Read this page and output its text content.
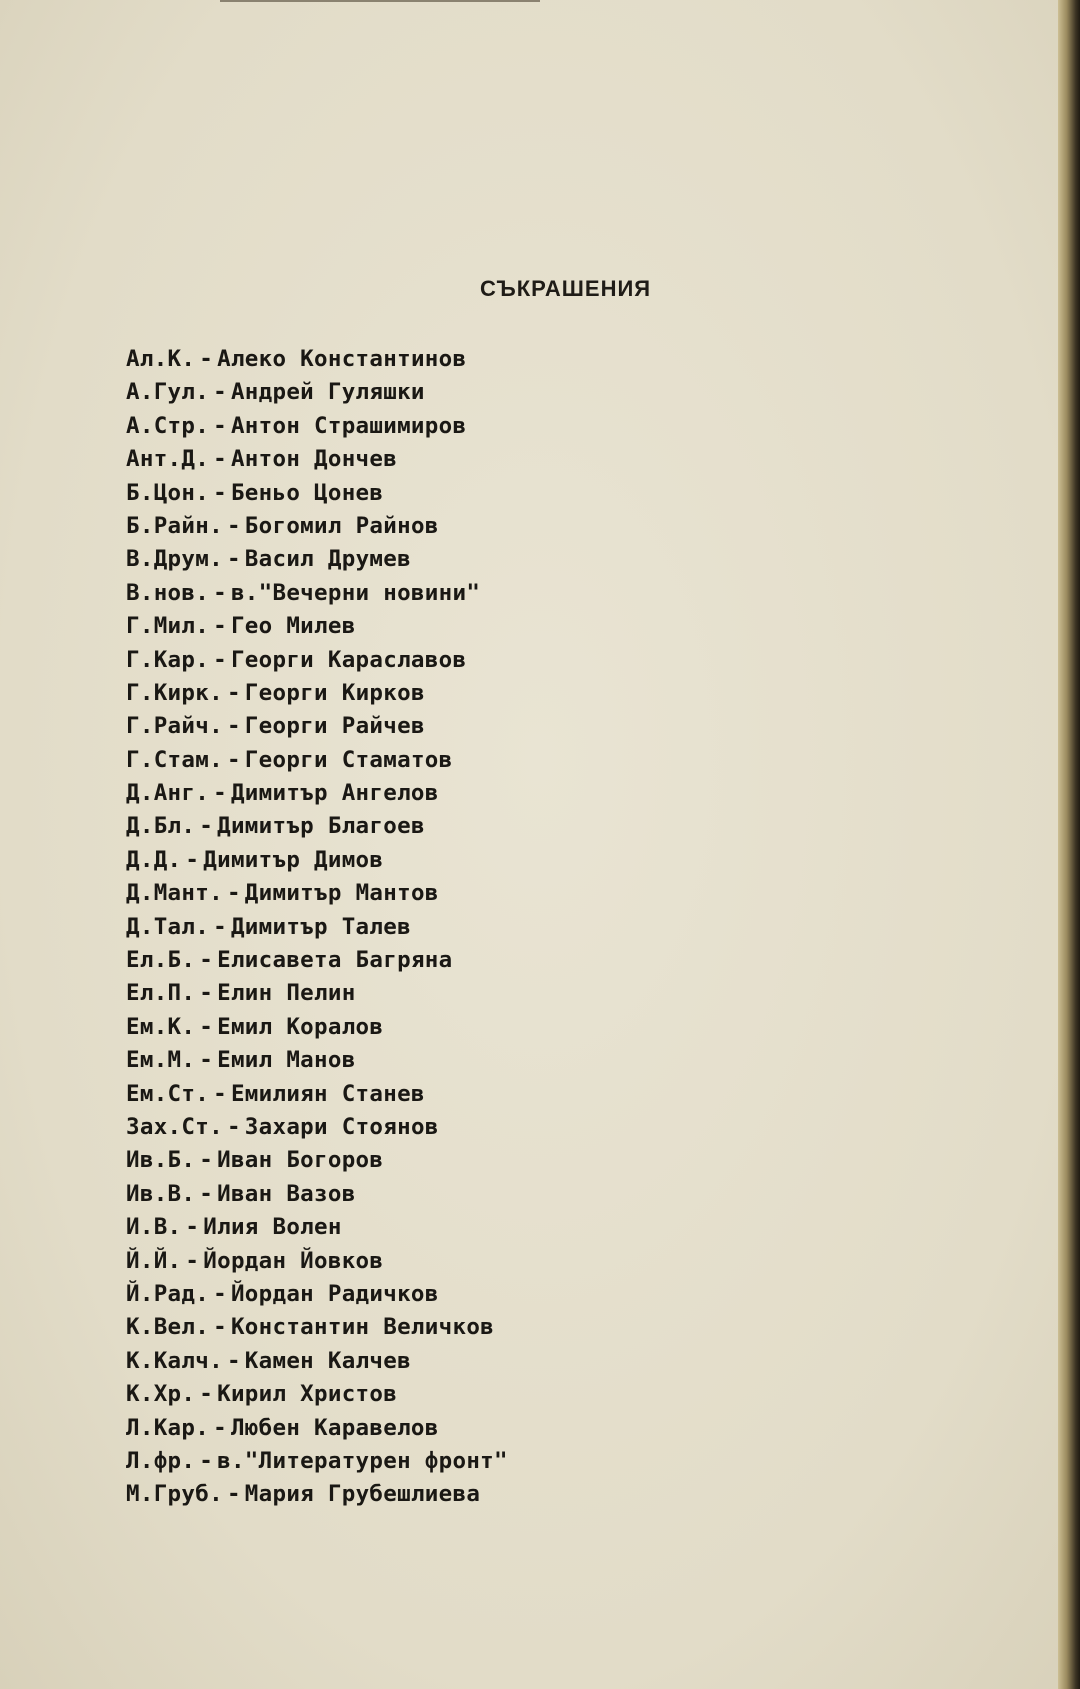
СЪКРАШЕНИЯ
Ал.К. - Алеко Константинов
А.Гул. - Андрей Гуляшки
А.Стр. - Антон Страшимиров
Ант.Д. - Антон Дончев
Б.Цон. - Беньо Цонев
Б.Райн. - Богомил Райнов
В.Друм. - Васил Друмев
В.нов. - в."Вечерни новини"
Г.Мил. - Гео Милев
Г.Кар. - Георги Караславов
Г.Кирк. - Георги Кирков
Г.Райч. - Георги Райчев
Г.Стам. - Георги Стаматов
Д.Анг. - Димитър Ангелов
Д.Бл. - Димитър Благоев
Д.Д. - Димитър Димов
Д.Мант. - Димитър Мантов
Д.Тал. - Димитър Талев
Ел.Б. - Елисавета Багряна
Ел.П. - Елин Пелин
Ем.К. - Емил Коралов
Ем.М. - Емил Манов
Ем.Ст. - Емилиян Станев
Зах.Ст. - Захари Стоянов
Ив.Б. - Иван Богоров
Ив.В. - Иван Вазов
И.В. - Илия Волен
Й.Й. - Йордан Йовков
Й.Рад. - Йордан Радичков
К.Вел. - Константин Величков
К.Калч. - Камен Калчев
К.Хр. - Кирил Христов
Л.Кар. - Любен Каравелов
Л.фр. - в."Литературен фронт"
М.Груб. - Мария Грубешлиева
